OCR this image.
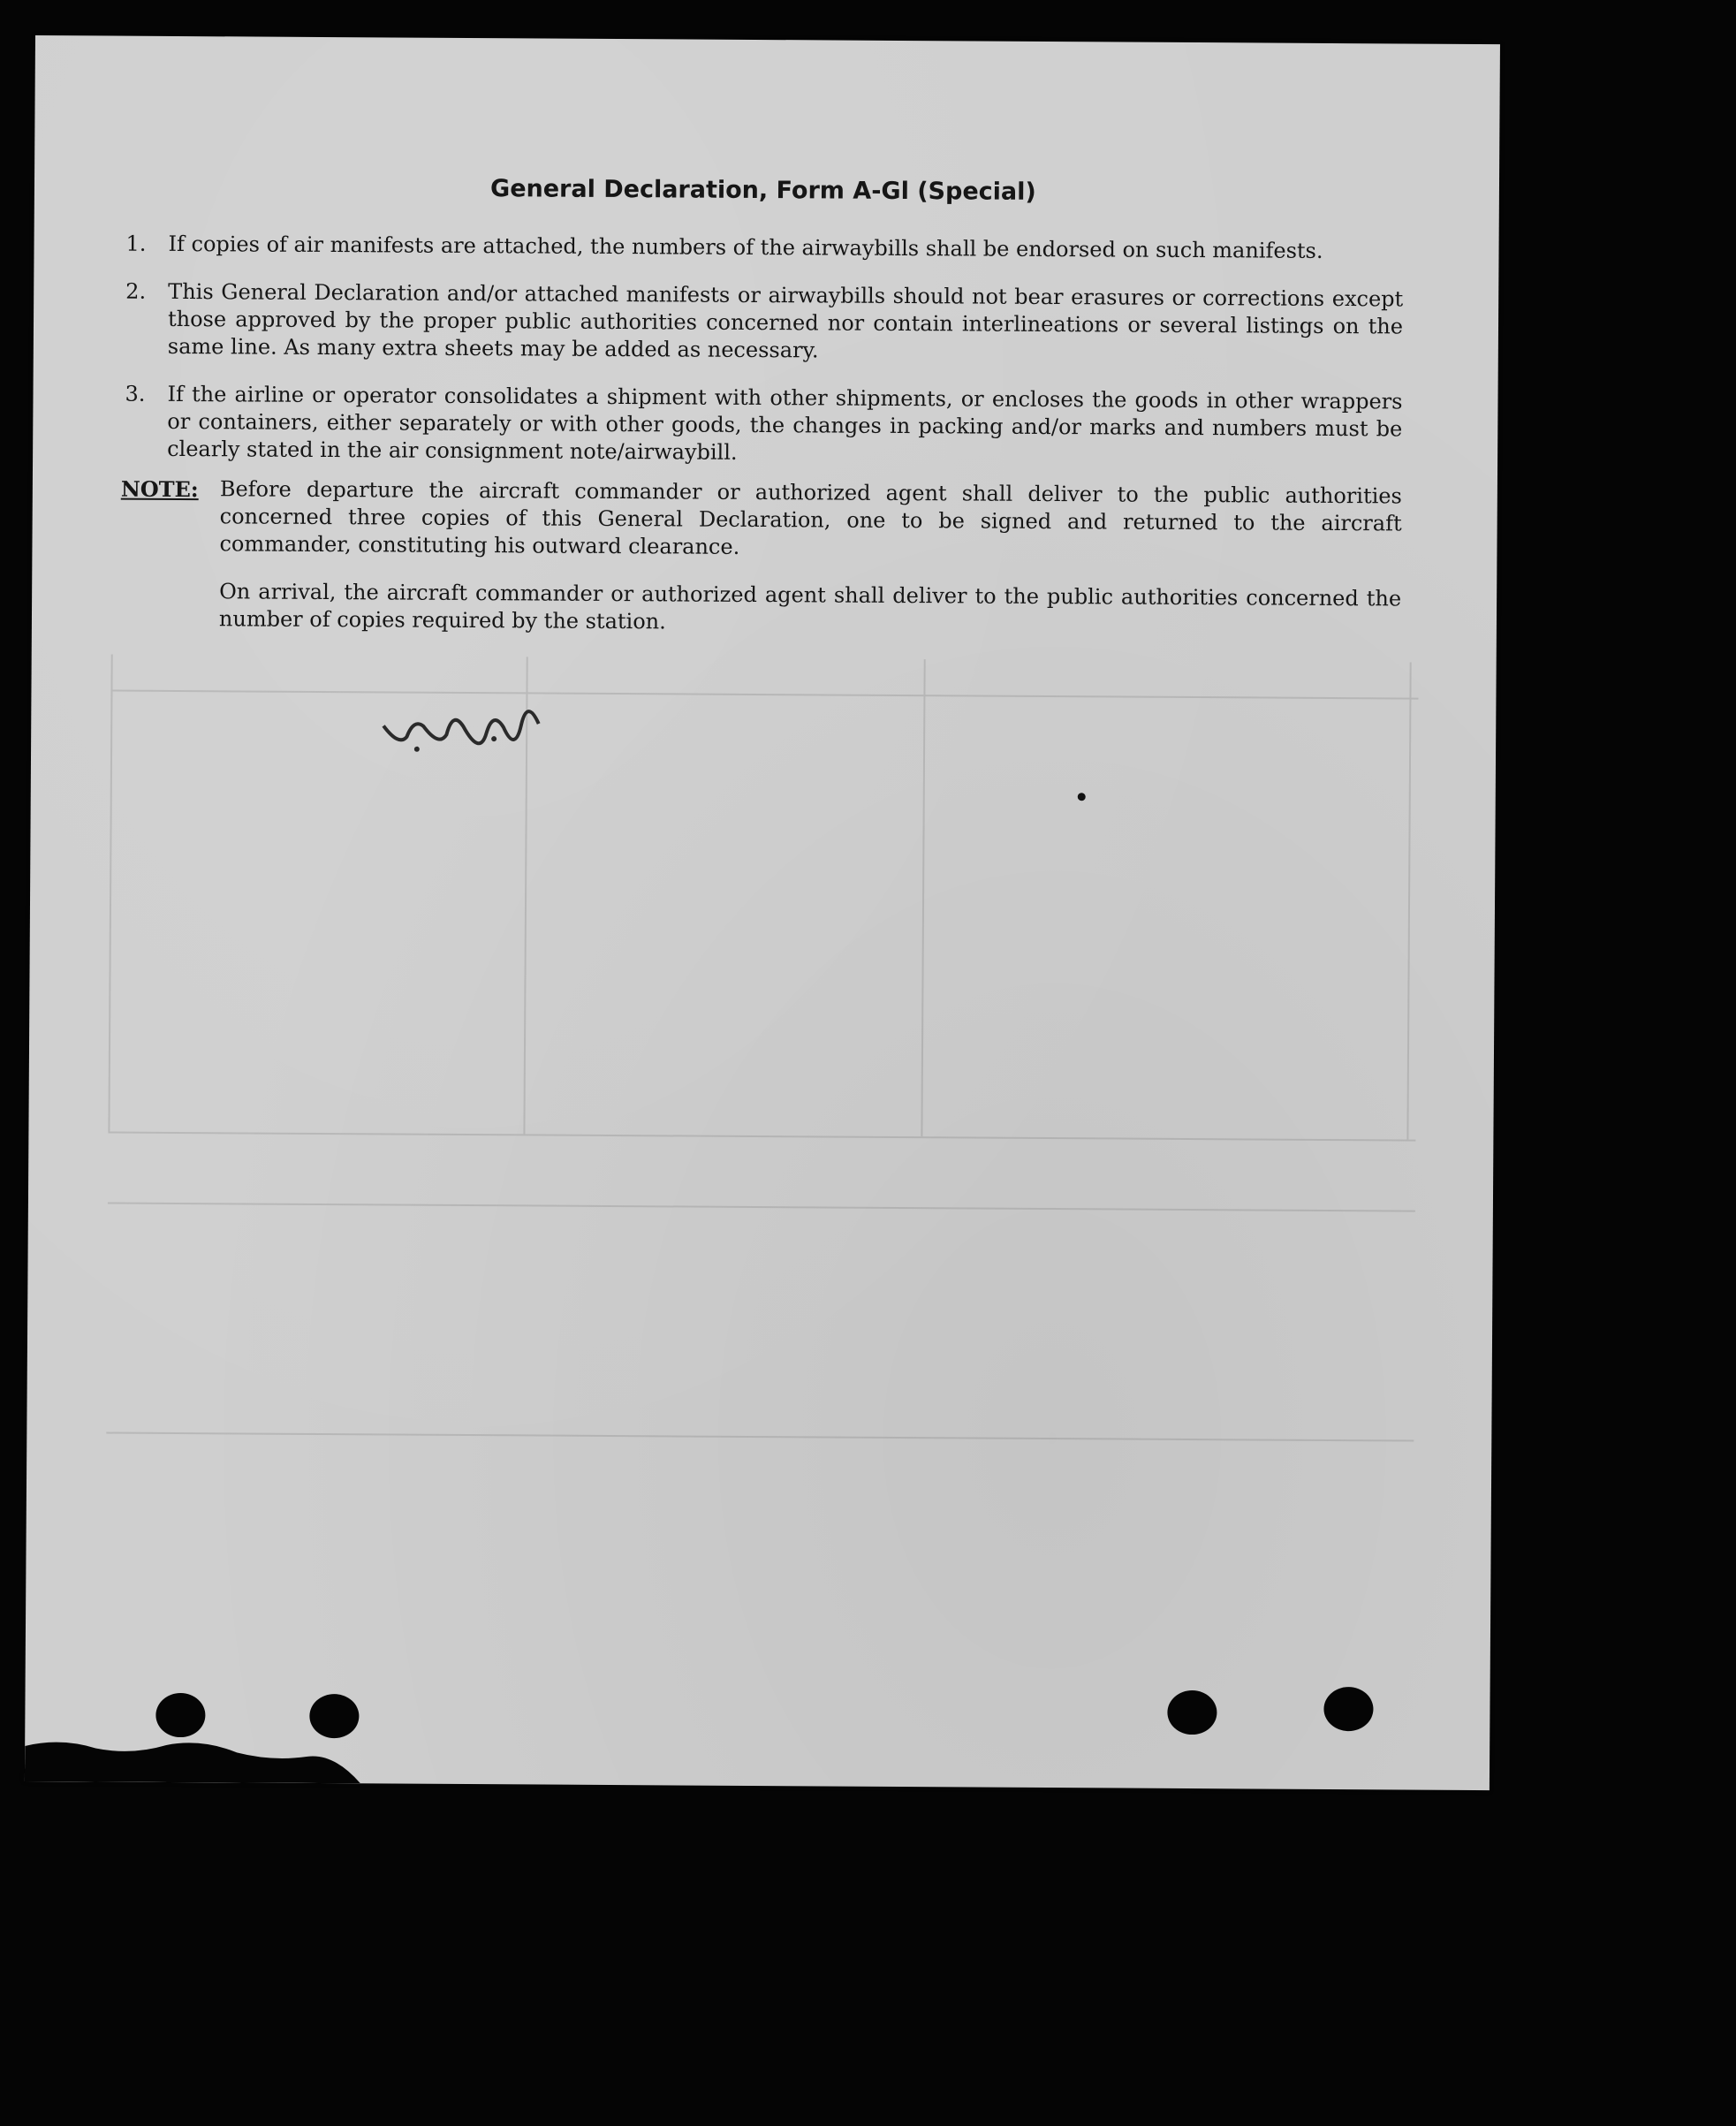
​
General Declaration, Form A-Gl (Special)
1.	If copies of air manifests are attached, the numbers of the airwaybills shall be endorsed on such manifests.
2.	This General Declaration and/or attached manifests or airwaybills should not bear erasures or corrections except those approved by the proper public authorities concerned nor contain interlineations or several listings on the same line. As many extra sheets may be added as necessary.
3.	If the airline or operator consolidates a shipment with other shipments, or encloses the goods in other wrappers or containers, either separately or with other goods, the changes in packing and/or marks and numbers must be clearly stated in the air consignment note/airwaybill.
NOTE: Before departure the aircraft commander or authorized agent shall deliver to the public authorities concerned three copies of this General Declaration, one to be signed and returned to the aircraft commander, constituting his outward clearance.

On arrival, the aircraft commander or authorized agent shall deliver to the public authorities concerned the number of copies required by the station.
